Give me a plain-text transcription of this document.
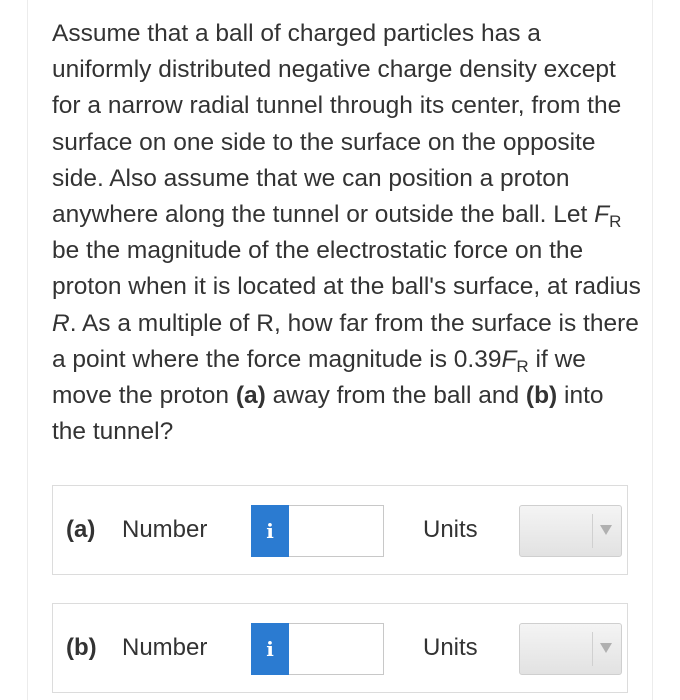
Assume that a ball of charged particles has a uniformly distributed negative charge density except for a narrow radial tunnel through its center, from the surface on one side to the surface on the opposite side. Also assume that we can position a proton anywhere along the tunnel or outside the ball. Let $F_R$ be the magnitude of the electrostatic force on the proton when it is located at the ball's surface, at radius R. As a multiple of R, how far from the surface is there a point where the force magnitude is $0.39F_R$ if we move the proton (a) away from the ball and (b) into the tunnel?

(a) Number	i	Units
(b) Number	i	Units
